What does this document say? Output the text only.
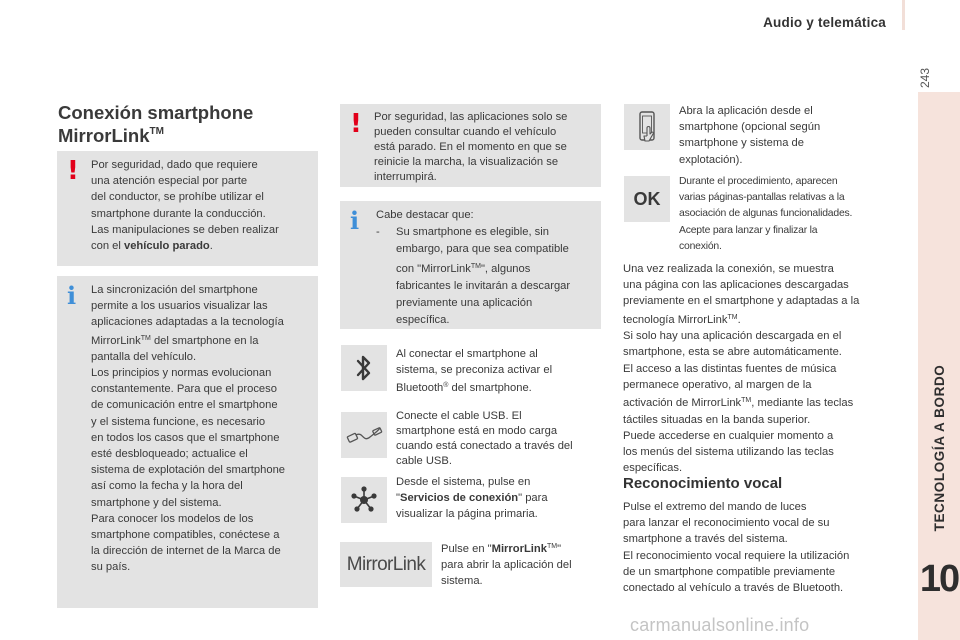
Audio y telemática
243
TECNOLOGÍA A BORDO
10
Conexión smartphone
MirrorLink™
! Por seguridad, dado que requiere
una atención especial por parte
del conductor, se prohíbe utilizar el
smartphone durante la conducción.
Las manipulaciones se deben realizar
con el vehículo parado.
i La sincronización del smartphone
permite a los usuarios visualizar las
aplicaciones adaptadas a la tecnología
MirrorLink™ del smartphone en la
pantalla del vehículo.
Los principios y normas evolucionan
constantemente. Para que el proceso
de comunicación entre el smartphone
y el sistema funcione, es necesario
en todos los casos que el smartphone
esté desbloqueado; actualice el
sistema de explotación del smartphone
así como la fecha y la hora del
smartphone y del sistema.
Para conocer los modelos de los
smartphone compatibles, conéctese a
la dirección de internet de la Marca de
su país.
! Por seguridad, las aplicaciones solo se
pueden consultar cuando el vehículo
está parado. En el momento en que se
reinicie la marcha, la visualización se
interrumpirá.
i Cabe destacar que:
-	Su smartphone es elegible, sin
embargo, para que sea compatible
con "MirrorLink™", algunos
fabricantes le invitarán a descargar
previamente una aplicación
específica.
Al conectar el smartphone al
sistema, se preconiza activar el
Bluetooth® del smartphone.
Conecte el cable USB. El
smartphone está en modo carga
cuando está conectado a través del
cable USB.
Desde el sistema, pulse en
"Servicios de conexión" para
visualizar la página primaria.
MirrorLink
Pulse en "MirrorLink™"
para abrir la aplicación del
sistema.
Abra la aplicación desde el
smartphone (opcional según
smartphone y sistema de
explotación).
OK
Durante el procedimiento, aparecen
varias páginas-pantallas relativas a la
asociación de algunas funcionalidades.
Acepte para lanzar y finalizar la
conexión.
Una vez realizada la conexión, se muestra
una página con las aplicaciones descargadas
previamente en el smartphone y adaptadas a la
tecnología MirrorLink™.
Si solo hay una aplicación descargada en el
smartphone, esta se abre automáticamente.
El acceso a las distintas fuentes de música
permanece operativo, al margen de la
activación de MirrorLink™, mediante las teclas
táctiles situadas en la banda superior.
Puede accederse en cualquier momento a
los menús del sistema utilizando las teclas
específicas.
Reconocimiento vocal
Pulse el extremo del mando de luces
para lanzar el reconocimiento vocal de su
smartphone a través del sistema.
El reconocimiento vocal requiere la utilización
de un smartphone compatible previamente
conectado al vehículo a través de Bluetooth.
carmanualsonline.info
